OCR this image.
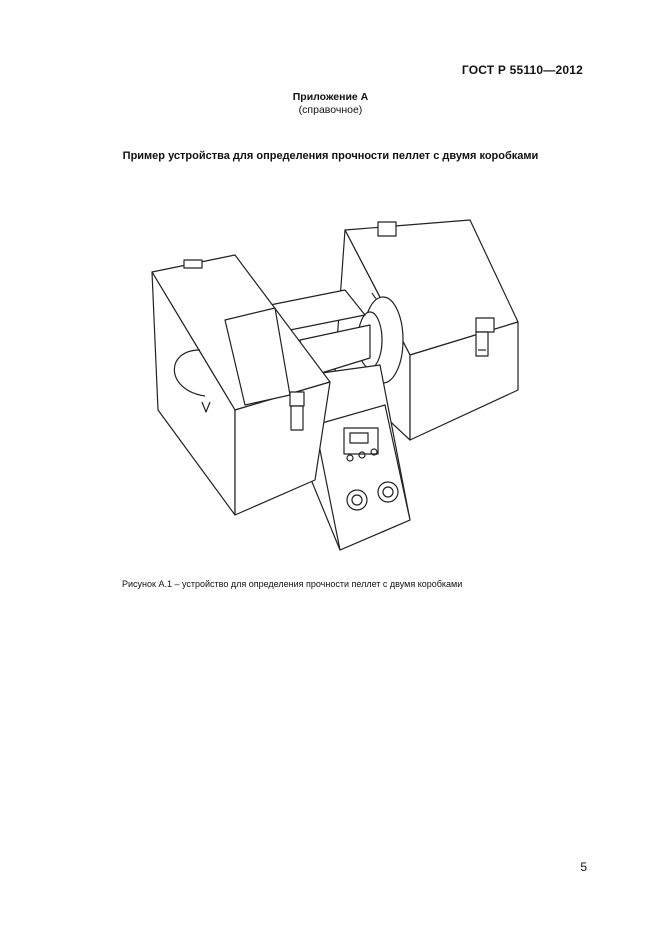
ГОСТ Р 55110—2012
Приложение А
(справочное)
Пример устройства для определения прочности пеллет с двумя коробками
Рисунок А.1 – устройство для определения прочности пеллет с двумя коробками
5
